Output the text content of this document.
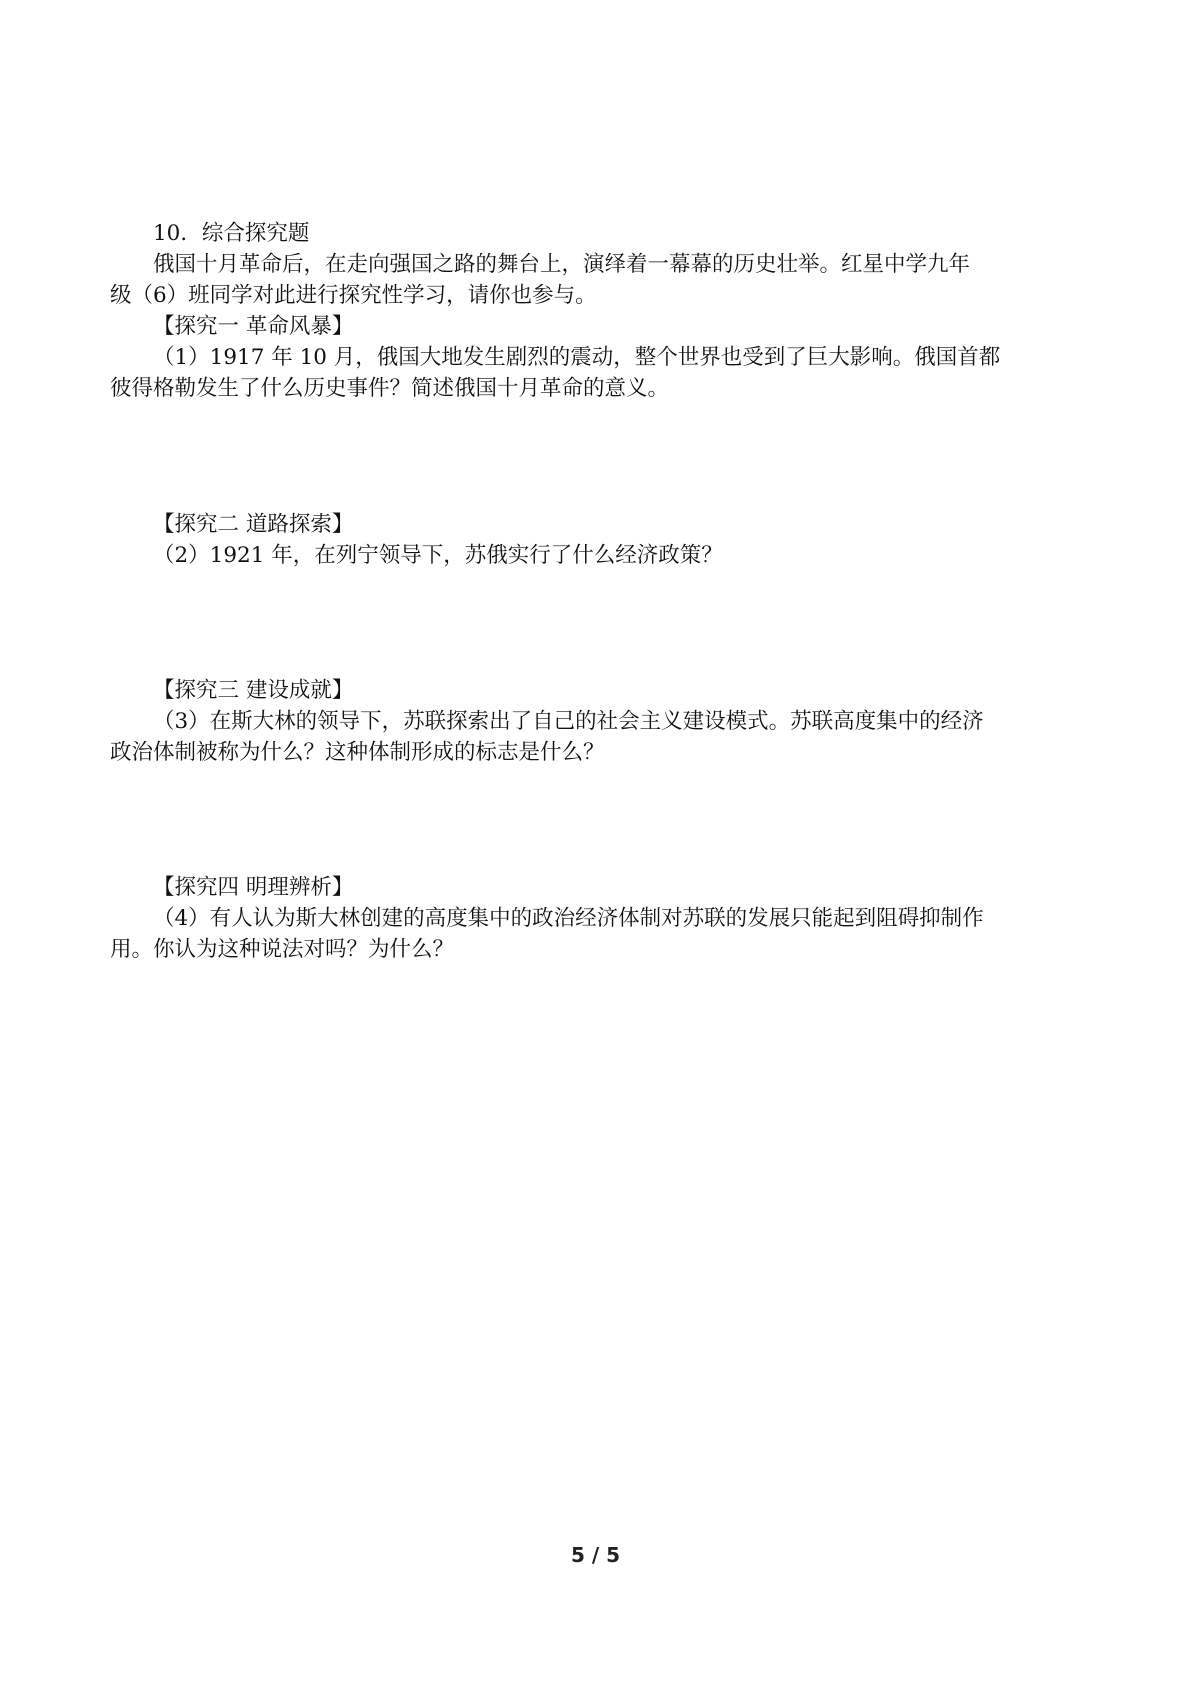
10．综合探究题
俄国十月革命后，在走向强国之路的舞台上，演绎着一幕幕的历史壮举。红星中学九年
级（6）班同学对此进行探究性学习，请你也参与。
【探究一 革命风暴】
（1）1917 年 10 月，俄国大地发生剧烈的震动，整个世界也受到了巨大影响。俄国首都
彼得格勒发生了什么历史事件？简述俄国十月革命的意义。
【探究二 道路探索】
（2）1921 年，在列宁领导下，苏俄实行了什么经济政策？
【探究三 建设成就】
（3）在斯大林的领导下，苏联探索出了自己的社会主义建设模式。苏联高度集中的经济
政治体制被称为什么？这种体制形成的标志是什么？
【探究四 明理辨析】
（4）有人认为斯大林创建的高度集中的政治经济体制对苏联的发展只能起到阻碍抑制作
用。你认为这种说法对吗？为什么？
5 / 5
